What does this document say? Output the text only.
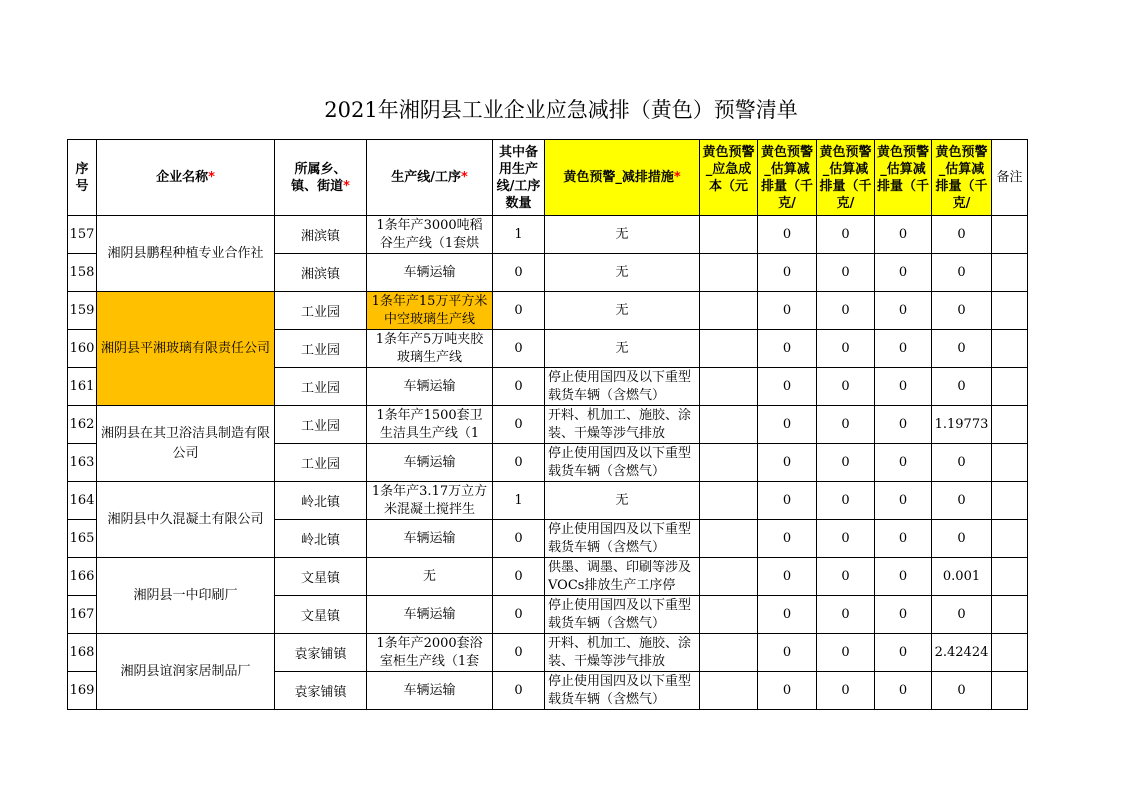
2021年湘阴县工业企业应急减排（黄色）预警清单
序号	企业名称*	所属乡、镇、街道*	生产线/工序*	其中备用生产线/工序数量	黄色预警_减排措施*	黄色预警_应急成本（元	黄色预警_估算减排量（千克/	黄色预警_估算减排量（千克/	黄色预警_估算减排量（千	黄色预警_估算减排量（千克/	备注
157	湘阴县鹏程种植专业合作社	湘滨镇	1条年产3000吨稻谷生产线（1套烘	1	无		0	0	0	0	
158		湘滨镇	车辆运输	0	无		0	0	0	0	
159	湘阴县平湘玻璃有限责任公司	工业园	1条年产15万平方米中空玻璃生产线	0	无		0	0	0	0	
160		工业园	1条年产5万吨夹胶玻璃生产线	0	无		0	0	0	0	
161		工业园	车辆运输	0	停止使用国四及以下重型载货车辆（含燃气）		0	0	0	0	
162	湘阴县在其卫浴洁具制造有限公司	工业园	1条年产1500套卫生洁具生产线（1	0	开料、机加工、施胶、涂装、干燥等涉气排放		0	0	0	1.19773	
163		工业园	车辆运输	0	停止使用国四及以下重型载货车辆（含燃气）		0	0	0	0	
164	湘阴县中久混凝土有限公司	岭北镇	1条年产3.17万立方米混凝土搅拌生	1	无		0	0	0	0	
165		岭北镇	车辆运输	0	停止使用国四及以下重型载货车辆（含燃气）		0	0	0	0	
166	湘阴县一中印刷厂	文星镇	无	0	供墨、调墨、印刷等涉及VOCs排放生产工序停		0	0	0	0.001	
167		文星镇	车辆运输	0	停止使用国四及以下重型载货车辆（含燃气）		0	0	0	0	
168	湘阴县谊润家居制品厂	袁家铺镇	1条年产2000套浴室柜生产线（1套	0	开料、机加工、施胶、涂装、干燥等涉气排放		0	0	0	2.42424	
169		袁家铺镇	车辆运输	0	停止使用国四及以下重型载货车辆（含燃气）		0	0	0	0	
